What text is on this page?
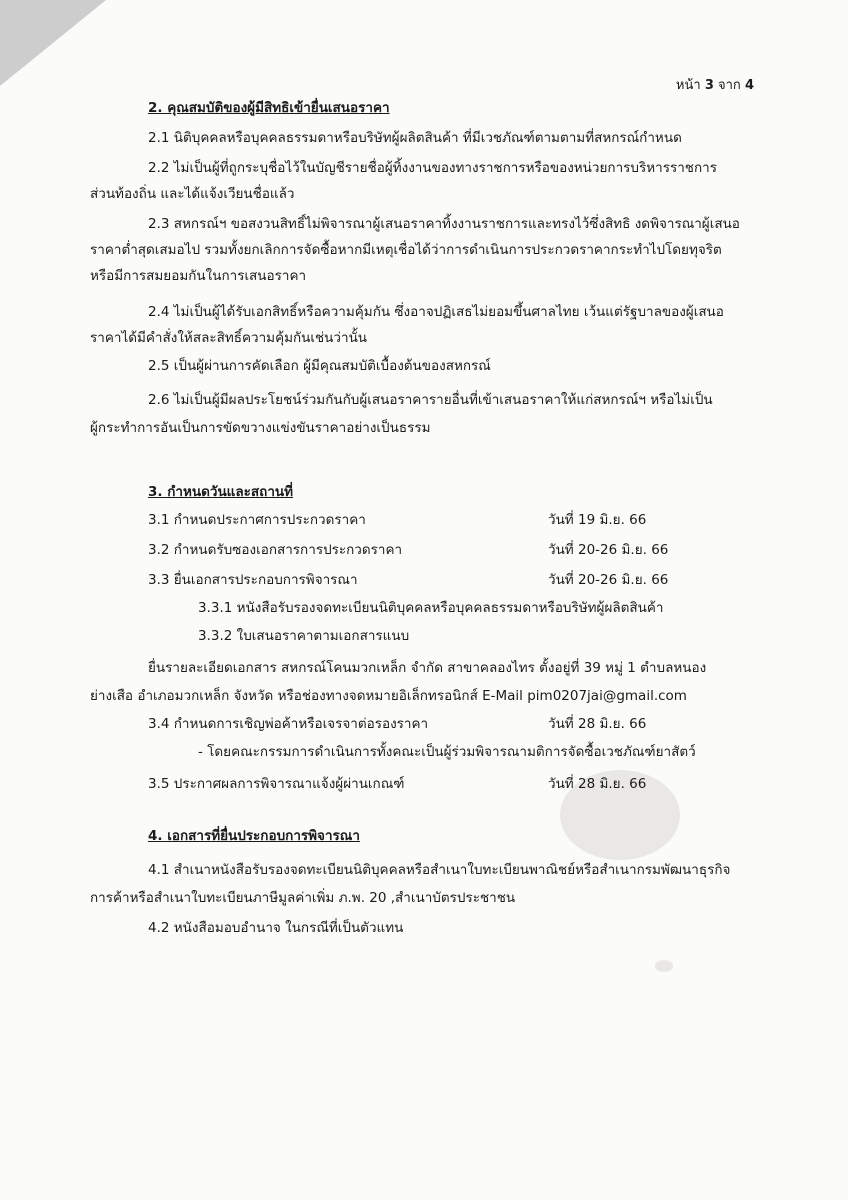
หน้า 3 จาก 4
2. คุณสมบัติของผู้มีสิทธิเข้ายื่นเสนอราคา
2.1 นิติบุคคลหรือบุคคลธรรมดาหรือบริษัทผู้ผลิตสินค้า ที่มีเวชภัณฑ์ตามตามที่สหกรณ์กำหนด
2.2 ไม่เป็นผู้ที่ถูกระบุชื่อไว้ในบัญชีรายชื่อผู้ทิ้งงานของทางราชการหรือของหน่วยการบริหารราชการ
ส่วนท้องถิ่น และได้แจ้งเวียนชื่อแล้ว
2.3 สหกรณ์ฯ ขอสงวนสิทธิ์ไม่พิจารณาผู้เสนอราคาทิ้งงานราชการและทรงไว้ซึ่งสิทธิ งดพิจารณาผู้เสนอ
ราคาต่ำสุดเสมอไป รวมทั้งยกเลิกการจัดซื้อหากมีเหตุเชื่อได้ว่าการดำเนินการประกวดราคากระทำไปโดยทุจริต
หรือมีการสมยอมกันในการเสนอราคา
2.4 ไม่เป็นผู้ได้รับเอกสิทธิ์หรือความคุ้มกัน ซึ่งอาจปฏิเสธไม่ยอมขึ้นศาลไทย เว้นแต่รัฐบาลของผู้เสนอ
ราคาได้มีคำสั่งให้สละสิทธิ์ความคุ้มกันเช่นว่านั้น
2.5 เป็นผู้ผ่านการคัดเลือก ผู้มีคุณสมบัติเบื้องต้นของสหกรณ์
2.6 ไม่เป็นผู้มีผลประโยชน์ร่วมกันกับผู้เสนอราคารายอื่นที่เข้าเสนอราคาให้แก่สหกรณ์ฯ หรือไม่เป็น
ผู้กระทำการอันเป็นการขัดขวางแข่งขันราคาอย่างเป็นธรรม
3. กำหนดวันและสถานที่
3.1 กำหนดประกาศการประกวดราคา	วันที่ 19 มิ.ย. 66
3.2 กำหนดรับซองเอกสารการประกวดราคา	วันที่ 20-26 มิ.ย. 66
3.3 ยื่นเอกสารประกอบการพิจารณา	วันที่ 20-26 มิ.ย. 66
3.3.1 หนังสือรับรองจดทะเบียนนิติบุคคลหรือบุคคลธรรมดาหรือบริษัทผู้ผลิตสินค้า
3.3.2 ใบเสนอราคาตามเอกสารแนบ
ยื่นรายละเอียดเอกสาร สหกรณ์โคนมวกเหล็ก จำกัด สาขาคลองไทร ตั้งอยู่ที่ 39 หมู่ 1 ตำบลหนอง
ย่างเสือ อำเภอมวกเหล็ก จังหวัด หรือช่องทางจดหมายอิเล็กทรอนิกส์ E-Mail pim0207jai@gmail.com
3.4 กำหนดการเชิญพ่อค้าหรือเจรจาต่อรองราคา	วันที่ 28 มิ.ย. 66
- โดยคณะกรรมการดำเนินการทั้งคณะเป็นผู้ร่วมพิจารณามติการจัดซื้อเวชภัณฑ์ยาสัตว์
3.5 ประกาศผลการพิจารณาแจ้งผู้ผ่านเกณฑ์	วันที่ 28 มิ.ย. 66
4. เอกสารที่ยื่นประกอบการพิจารณา
4.1 สำเนาหนังสือรับรองจดทะเบียนนิติบุคคลหรือสำเนาใบทะเบียนพาณิชย์หรือสำเนากรมพัฒนาธุรกิจ
การค้าหรือสำเนาใบทะเบียนภาษีมูลค่าเพิ่ม ภ.พ. 20 ,สำเนาบัตรประชาชน
4.2 หนังสือมอบอำนาจ ในกรณีที่เป็นตัวแทน
